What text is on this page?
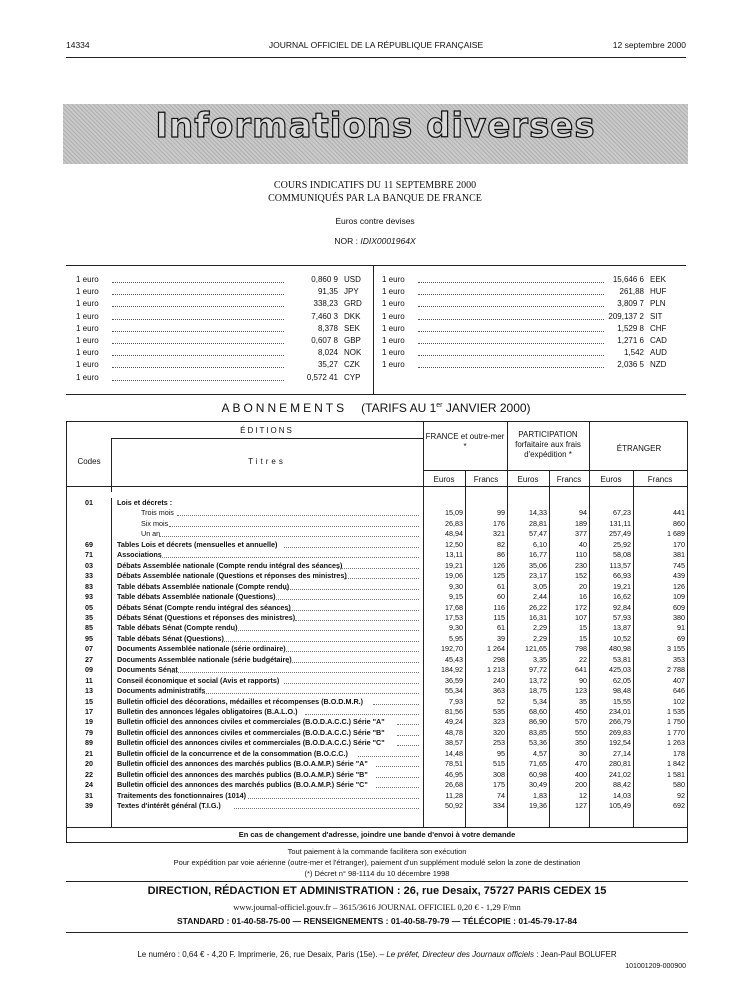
14334	JOURNAL OFFICIEL DE LA RÉPUBLIQUE FRANÇAISE	12 septembre 2000
Informations diverses
COURS INDICATIFS DU 11 SEPTEMBRE 2000
COMMUNIQUÉS PAR LA BANQUE DE FRANCE
Euros contre devises
NOR : IDIX0001964X
1 euro	0,860 9 USD
1 euro	91,35 JPY
1 euro	338,23 GRD
1 euro	7,460 3 DKK
1 euro	8,378 SEK
1 euro	0,607 8 GBP
1 euro	8,024 NOK
1 euro	35,27 CZK
1 euro	0,572 41 CYP
1 euro	15,646 6 EEK
1 euro	261,88 HUF
1 euro	3,809 7 PLN
1 euro	209,137 2 SIT
1 euro	1,529 8 CHF
1 euro	1,271 6 CAD
1 euro	1,542 AUD
1 euro	2,036 5 NZD
ABONNEMENTS (TARIFS AU 1er JANVIER 2000)
ÉDITIONS
Codes	Titres
FRANCE et outre-mer *
PARTICIPATION forfaitaire aux frais d'expédition *
ÉTRANGER
Euros	Francs	Euros	Francs	Euros	Francs
01	Lois et décrets :
Trois mois	15,09	99	14,33	94	67,23	441
Six mois	26,83	176	28,81	189	131,11	860
Un an	48,94	321	57,47	377	257,49	1 689
69	Tables Lois et décrets (mensuelles et annuelle)	12,50	82	6,10	40	25,92	170
71	Associations	13,11	86	16,77	110	58,08	381
03	Débats Assemblée nationale (Compte rendu intégral des séances)	19,21	126	35,06	230	113,57	745
33	Débats Assemblée nationale (Questions et réponses des ministres)	19,06	125	23,17	152	66,93	439
83	Table débats Assemblée nationale (Compte rendu)	9,30	61	3,05	20	19,21	126
93	Table débats Assemblée nationale (Questions)	9,15	60	2,44	16	16,62	109
05	Débats Sénat (Compte rendu intégral des séances)	17,68	116	26,22	172	92,84	609
35	Débats Sénat (Questions et réponses des ministres)	17,53	115	16,31	107	57,93	380
85	Table débats Sénat (Compte rendu)	9,30	61	2,29	15	13,87	91
95	Table débats Sénat (Questions)	5,95	39	2,29	15	10,52	69
07	Documents Assemblée nationale (série ordinaire)	192,70	1 264	121,65	798	480,98	3 155
27	Documents Assemblée nationale (série budgétaire)	45,43	298	3,35	22	53,81	353
09	Documents Sénat	184,92	1 213	97,72	641	425,03	2 788
11	Conseil économique et social (Avis et rapports)	36,59	240	13,72	90	62,05	407
13	Documents administratifs	55,34	363	18,75	123	98,48	646
15	Bulletin officiel des décorations, médailles et récompenses (B.O.D.M.R.)	7,93	52	5,34	35	15,55	102
17	Bulletin des annonces légales obligatoires (B.A.L.O.)	81,56	535	68,60	450	234,01	1 535
19	Bulletin officiel des annonces civiles et commerciales (B.O.D.A.C.C.) Série "A"	49,24	323	86,90	570	266,79	1 750
79	Bulletin officiel des annonces civiles et commerciales (B.O.D.A.C.C.) Série "B"	48,78	320	83,85	550	269,83	1 770
89	Bulletin officiel des annonces civiles et commerciales (B.O.D.A.C.C.) Série "C"	38,57	253	53,36	350	192,54	1 263
21	Bulletin officiel de la concurrence et de la consommation (B.O.C.C.)	14,48	95	4,57	30	27,14	178
20	Bulletin officiel des annonces des marchés publics (B.O.A.M.P.) Série "A"	78,51	515	71,65	470	280,81	1 842
22	Bulletin officiel des annonces des marchés publics (B.O.A.M.P.) Série "B"	46,95	308	60,98	400	241,02	1 581
24	Bulletin officiel des annonces des marchés publics (B.O.A.M.P.) Série "C"	26,68	175	30,49	200	88,42	580
31	Traitements des fonctionnaires (1014)	11,28	74	1,83	12	14,03	92
39	Textes d'intérêt général (T.I.G.)	50,92	334	19,36	127	105,49	692
En cas de changement d'adresse, joindre une bande d'envoi à votre demande
Tout paiement à la commande facilitera son exécution
Pour expédition par voie aérienne (outre-mer et l'étranger), paiement d'un supplément modulé selon la zone de destination
(*) Décret n° 98-1114 du 10 décembre 1998
DIRECTION, RÉDACTION ET ADMINISTRATION : 26, rue Desaix, 75727 PARIS CEDEX 15
www.journal-officiel.gouv.fr – 3615/3616 JOURNAL OFFICIEL 0,20 € - 1,29 F/mn
STANDARD : 01-40-58-75-00 — RENSEIGNEMENTS : 01-40-58-79-79 — TÉLÉCOPIE : 01-45-79-17-84
Le numéro : 0,64 € - 4,20 F. Imprimerie, 26, rue Desaix, Paris (15e). – Le préfet, Directeur des Journaux officiels : Jean-Paul BOLUFER
101001209-000900
